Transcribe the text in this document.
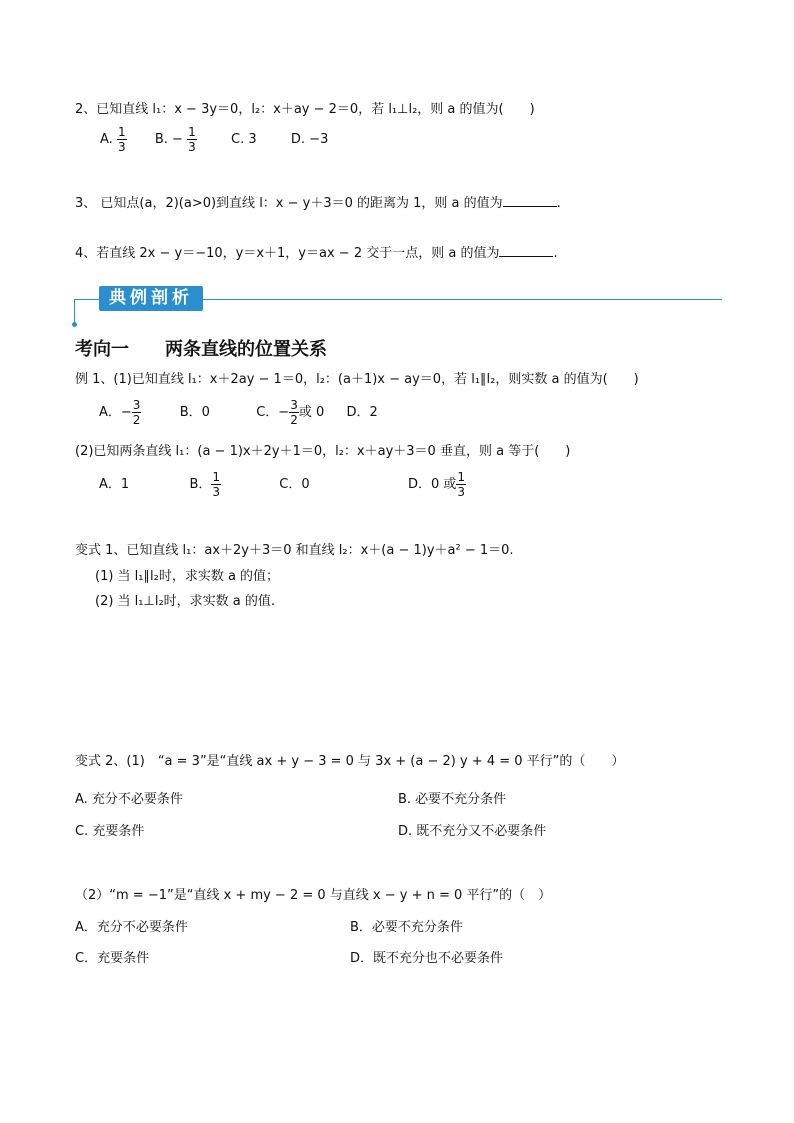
2、已知直线 l₁：x − 3y＝0，l₂：x＋ay − 2＝0，若 l₁⊥l₂，则 a 的值为(　　)
A. $\frac{1}{3} B$. − $\frac{1}{3}$	C. 3	D. −3
3、 已知点(a，2)(a>0)到直线 l：x − y＋3＝0 的距离为 1，则 a 的值为	.
4、若直线 2x − y＝−10，y＝x＋1，y＝ax − 2 交于一点，则 a 的值为	.
典例剖析
考向一　　两条直线的位置关系
例 1、(1)已知直线 l₁：x＋2ay − 1＝0，l₂：(a＋1)x − ay＝0，若 l₁∥l₂，则实数 a 的值为(　　)
A．− $\frac{3}{2}$	B．0	C．− $\frac{3}{2}$ 或 0 D．2
(2)已知两条直线 l₁：(a − 1)x＋2y＋1＝0，l₂：x＋ay＋3＝0 垂直，则 a 等于(　　)
A．1	B． $\frac{1}{3}$	C．0	D．0 或 $\frac{1}{3}$
变式 1、已知直线 l₁：ax＋2y＋3＝0 和直线 l₂：x＋(a − 1)y＋a² − 1＝0.
(1) 当 l₁∥l₂时，求实数 a 的值；
(2) 当 l₁⊥l₂时，求实数 a 的值.
变式 2、(1)　“a = 3”是“直线 ax + y − 3 = 0 与 3x + (a − 2) y + 4 = 0 平行”的（　　）
A. 充分不必要条件	B. 必要不充分条件
C. 充要条件	D. 既不充分又不必要条件
（2）“m = −1”是“直线 x + my − 2 = 0 与直线 x − y + n = 0 平行”的（　）
A．充分不必要条件	B．必要不充分条件
C．充要条件	D．既不充分也不必要条件
